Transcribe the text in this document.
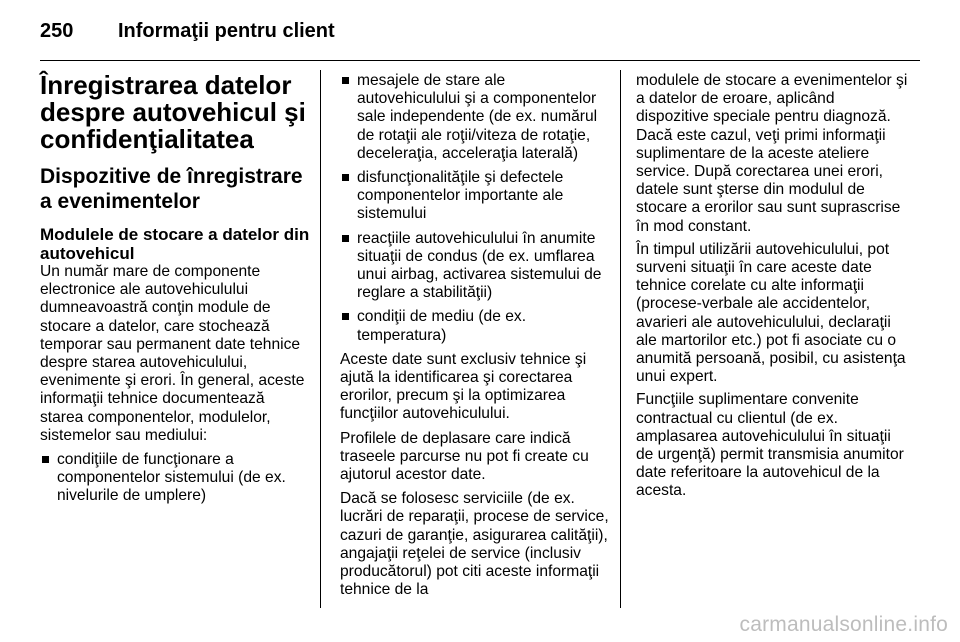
250 Informaţii pentru client
Înregistrarea datelor despre autovehicul şi confidenţialitatea
Dispozitive de înregistrare a evenimentelor
Modulele de stocare a datelor din autovehicul

Un număr mare de componente electronice ale autovehiculului dumneavoastră conţin module de stocare a datelor, care stochează temporar sau permanent date tehnice despre starea autovehiculului, evenimente şi erori. În general, aceste informaţii tehnice documentează starea componentelor, modulelor, sistemelor sau mediului:

condiţiile de funcţionare a componentelor sistemului (de ex. nivelurile de umplere)
mesajele de stare ale autovehiculului şi a componentelor sale independente (de ex. numărul de rotaţii ale roţii/viteza de rotaţie, deceleraţia, acceleraţia laterală)
disfuncţionalităţile şi defectele componentelor importante ale sistemului
reacţiile autovehiculului în anumite situaţii de condus (de ex. umflarea unui airbag, activarea sistemului de reglare a stabilităţii)
condiţii de mediu (de ex. temperatura)

Aceste date sunt exclusiv tehnice şi ajută la identificarea şi corectarea erorilor, precum şi la optimizarea funcţiilor autovehiculului.

Profilele de deplasare care indică traseele parcurse nu pot fi create cu ajutorul acestor date.

Dacă se folosesc serviciile (de ex. lucrări de reparaţii, procese de service, cazuri de garanţie, asigurarea calităţii), angajaţii reţelei de service (inclusiv producătorul) pot citi aceste informaţii tehnice de la

modulele de stocare a evenimentelor şi a datelor de eroare, aplicând dispozitive speciale pentru diagnoză. Dacă este cazul, veţi primi informaţii suplimentare de la aceste ateliere service. După corectarea unei erori, datele sunt şterse din modulul de stocare a erorilor sau sunt suprascrise în mod constant.

În timpul utilizării autovehiculului, pot surveni situaţii în care aceste date tehnice corelate cu alte informaţii (procese-verbale ale accidentelor, avarieri ale autovehiculului, declaraţii ale martorilor etc.) pot fi asociate cu o anumită persoană, posibil, cu asistenţa unui expert.

Funcţiile suplimentare convenite contractual cu clientul (de ex. amplasarea autovehiculului în situaţii de urgenţă) permit transmisia anumitor date referitoare la autovehicul de la acesta.

carmanualsonline.info
